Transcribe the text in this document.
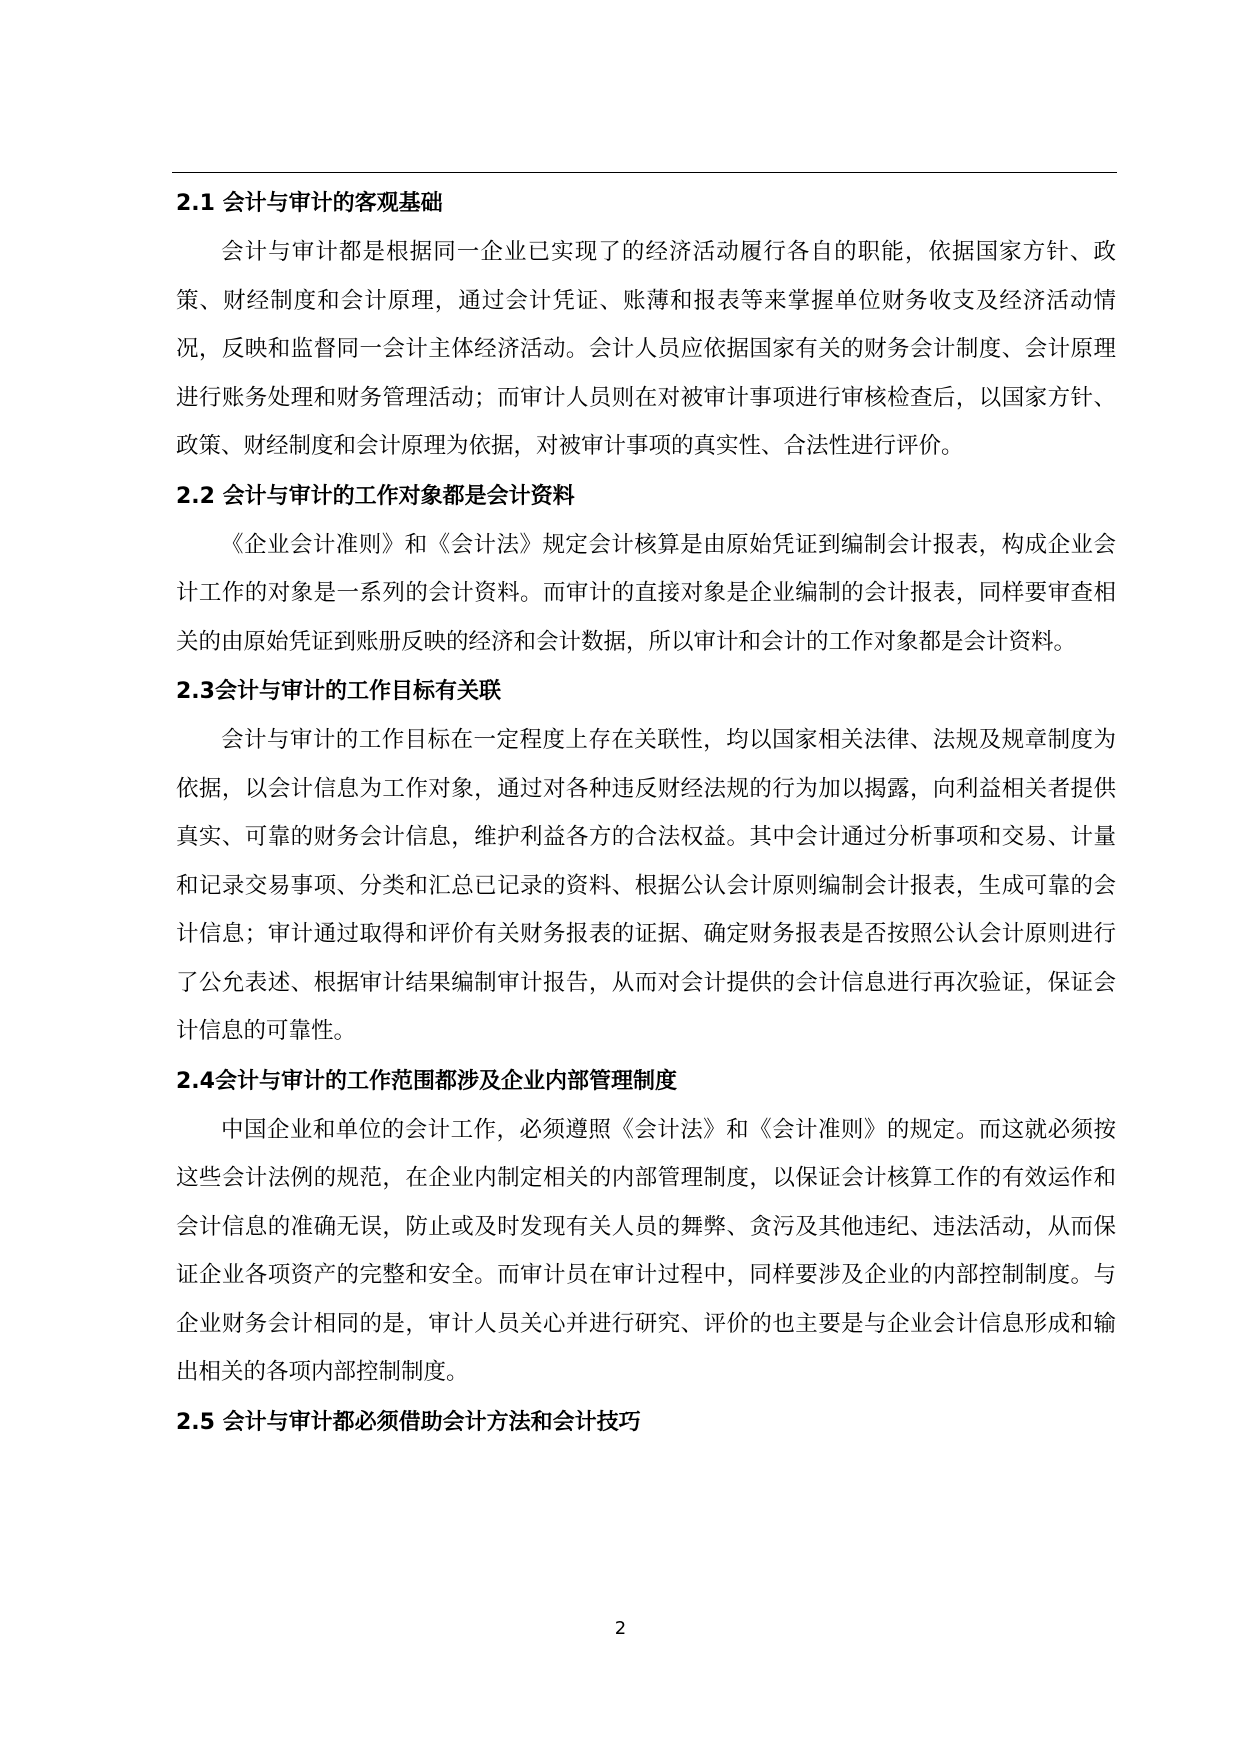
2.1 会计与审计的客观基础

会计与审计都是根据同一企业已实现了的经济活动履行各自的职能，依据国家方针、政策、财经制度和会计原理，通过会计凭证、账薄和报表等来掌握单位财务收支及经济活动情况，反映和监督同一会计主体经济活动。会计人员应依据国家有关的财务会计制度、会计原理进行账务处理和财务管理活动；而审计人员则在对被审计事项进行审核检查后，以国家方针、政策、财经制度和会计原理为依据，对被审计事项的真实性、合法性进行评价。

2.2 会计与审计的工作对象都是会计资料

《企业会计准则》和《会计法》规定会计核算是由原始凭证到编制会计报表，构成企业会计工作的对象是一系列的会计资料。而审计的直接对象是企业编制的会计报表，同样要审查相关的由原始凭证到账册反映的经济和会计数据，所以审计和会计的工作对象都是会计资料。

2.3会计与审计的工作目标有关联

会计与审计的工作目标在一定程度上存在关联性，均以国家相关法律、法规及规章制度为依据，以会计信息为工作对象，通过对各种违反财经法规的行为加以揭露，向利益相关者提供真实、可靠的财务会计信息，维护利益各方的合法权益。其中会计通过分析事项和交易、计量和记录交易事项、分类和汇总已记录的资料、根据公认会计原则编制会计报表，生成可靠的会计信息；审计通过取得和评价有关财务报表的证据、确定财务报表是否按照公认会计原则进行了公允表述、根据审计结果编制审计报告，从而对会计提供的会计信息进行再次验证，保证会计信息的可靠性。

2.4会计与审计的工作范围都涉及企业内部管理制度

中国企业和单位的会计工作，必须遵照《会计法》和《会计准则》的规定。而这就必须按这些会计法例的规范，在企业内制定相关的内部管理制度，以保证会计核算工作的有效运作和会计信息的准确无误，防止或及时发现有关人员的舞弊、贪污及其他违纪、违法活动，从而保证企业各项资产的完整和安全。而审计员在审计过程中，同样要涉及企业的内部控制制度。与企业财务会计相同的是，审计人员关心并进行研究、评价的也主要是与企业会计信息形成和输出相关的各项内部控制制度。

2.5 会计与审计都必须借助会计方法和会计技巧
2
